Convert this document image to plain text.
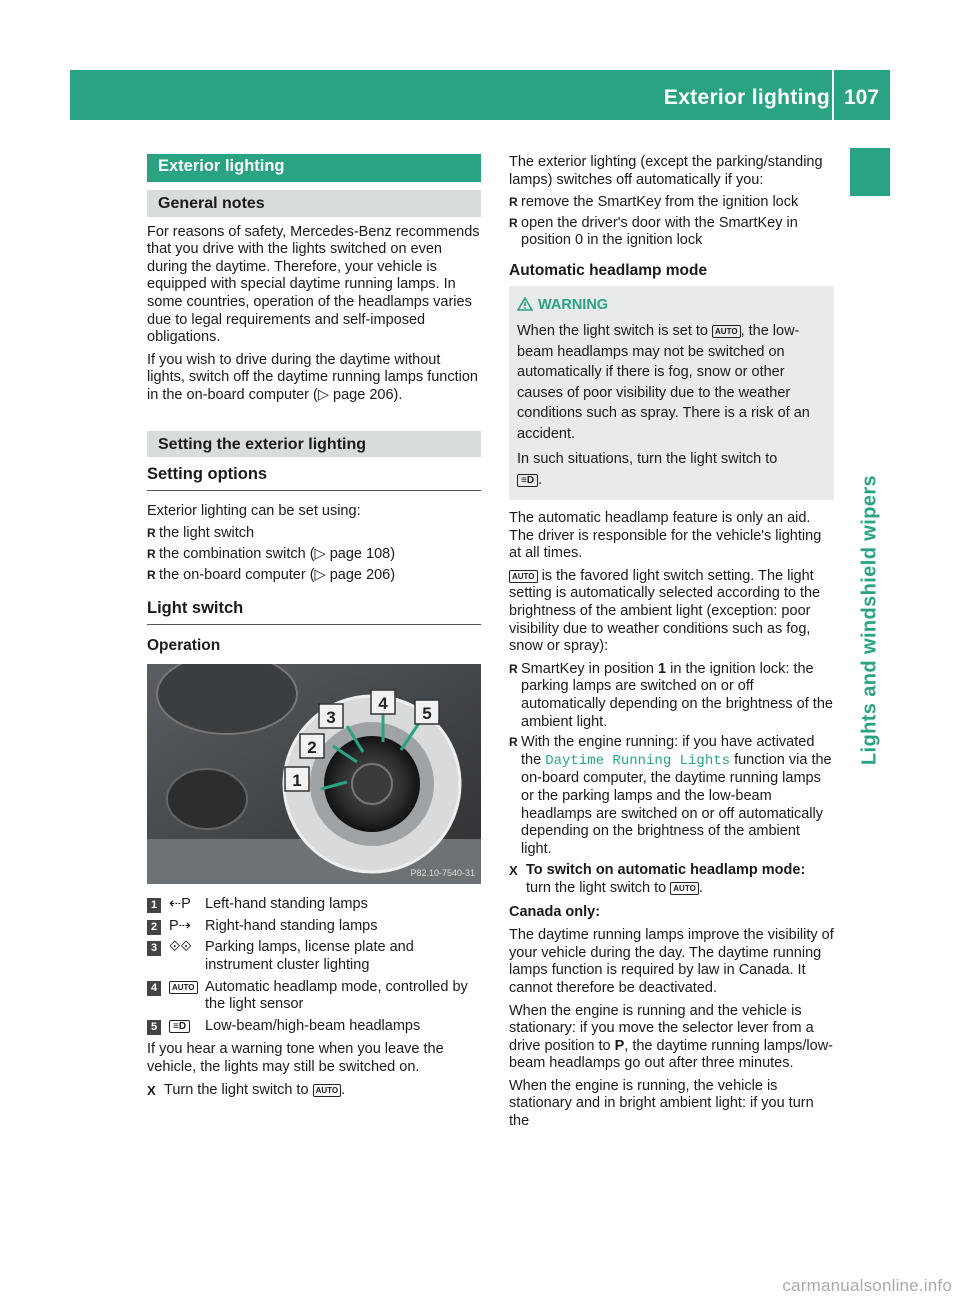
Exterior lighting 107
Lights and windshield wipers
Exterior lighting
General notes

For reasons of safety, Mercedes-Benz recommends that you drive with the lights switched on even during the daytime. Therefore, your vehicle is equipped with special daytime running lamps. In some countries, operation of the headlamps varies due to legal requirements and self-imposed obligations.

If you wish to drive during the daytime without lights, switch off the daytime running lamps function in the on-board computer (▷ page 206).

Setting the exterior lighting
Setting options

Exterior lighting can be set using:

R the light switch
R the combination switch (▷ page 108)
R the on-board computer (▷ page 206)
Light switch
Operation
1
2
3
4
5
P82.10-7540-31
1 ⇠P Left-hand standing lamps
2 P⇢ Right-hand standing lamps
3 ⟐⟐ Parking lamps, license plate and instrument cluster lighting
4	AUTO Automatic headlamp mode, controlled by the light sensor
5	≡D	Low-beam/high-beam headlamps

If you hear a warning tone when you leave the vehicle, the lights may still be switched on.

X Turn the light switch to AUTO .

The exterior lighting (except the parking/standing lamps) switches off automatically if you:

R remove the SmartKey from the ignition lock
R open the driver's door with the SmartKey in position 0 in the ignition lock
Automatic headlamp mode
WARNING

When the light switch is set to AUTO , the low-beam headlamps may not be switched on automatically if there is fog, snow or other causes of poor visibility due to the weather conditions such as spray. There is a risk of an accident.

In such situations, turn the light switch to
≡D .

The automatic headlamp feature is only an aid. The driver is responsible for the vehicle's lighting at all times.

AUTO is the favored light switch setting. The light setting is automatically selected according to the brightness of the ambient light (exception: poor visibility due to weather conditions such as fog, snow or spray):

R SmartKey in position 1 in the ignition lock: the parking lamps are switched on or off automatically depending on the brightness of the ambient light.
R With the engine running: if you have activated the Daytime Running Lights function via the on-board computer, the daytime running lamps or the parking lamps and the low-beam headlamps are switched on or off automatically depending on the brightness of the ambient light.
X To switch on automatic headlamp mode:
turn the light switch to AUTO .
Canada only:

The daytime running lamps improve the visibility of your vehicle during the day. The daytime running lamps function is required by law in Canada. It cannot therefore be deactivated.

When the engine is running and the vehicle is stationary: if you move the selector lever from a drive position to P, the daytime running lamps/low-beam headlamps go out after three minutes.

When the engine is running, the vehicle is stationary and in bright ambient light: if you turn the

carmanualsonline.info
